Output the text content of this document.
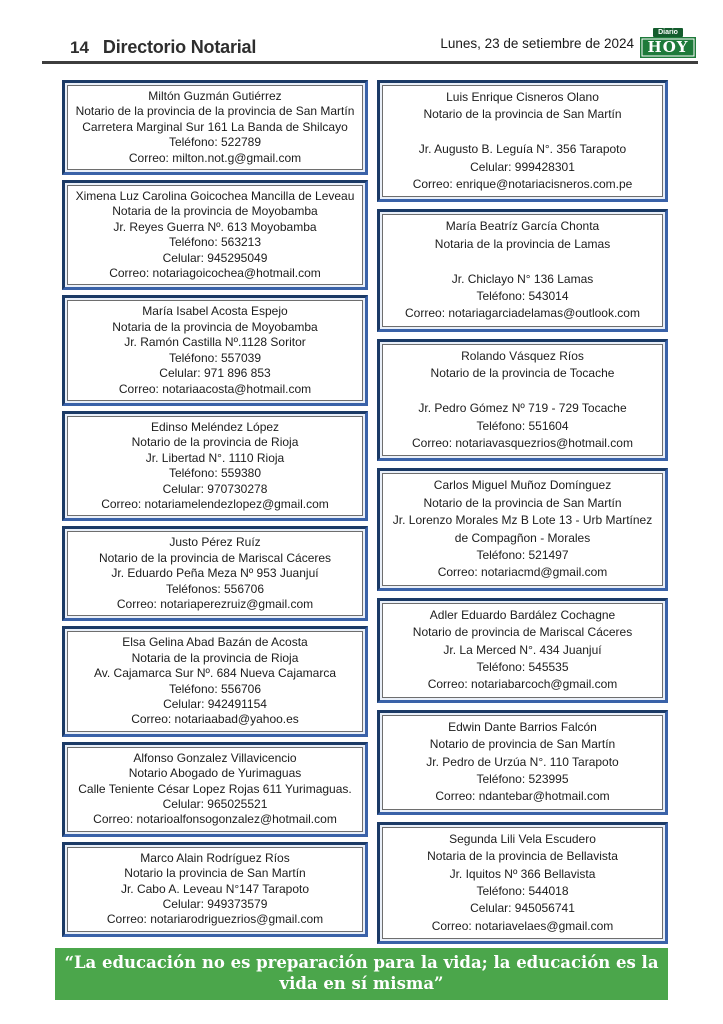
14 Directorio Notarial	Lunes, 23 de setiembre de 2024
Diario
HOY
Miltón Guzmán Gutiérrez
Notario de la provincia de la provincia de San Martín
Carretera Marginal Sur 161 La Banda de Shilcayo
Teléfono: 522789
Correo: milton.not.g@gmail.com
Ximena Luz Carolina Goicochea Mancilla de Leveau
Notaria de la provincia de Moyobamba
Jr. Reyes Guerra Nº. 613 Moyobamba
Teléfono: 563213
Celular: 945295049
Correo: notariagoicochea@hotmail.com
María Isabel Acosta Espejo
Notaria de la provincia de Moyobamba
Jr. Ramón Castilla Nº.1128 Soritor
Teléfono: 557039
Celular: 971 896 853
Correo: notariaacosta@hotmail.com
Edinso Meléndez López
Notario de la provincia de Rioja
Jr. Libertad N°. 1110 Rioja
Teléfono: 559380
Celular: 970730278
Correo: notariamelendezlopez@gmail.com
Justo Pérez Ruíz
Notario de la provincia de Mariscal Cáceres
Jr. Eduardo Peña Meza Nº 953 Juanjuí
Teléfonos: 556706
Correo: notariaperezruiz@gmail.com
Elsa Gelina Abad Bazán de Acosta
Notaria de la provincia de Rioja
Av. Cajamarca Sur Nº. 684 Nueva Cajamarca
Teléfono: 556706
Celular: 942491154
Correo: notariaabad@yahoo.es
Alfonso Gonzalez Villavicencio
Notario Abogado de Yurimaguas
Calle Teniente César Lopez Rojas 611 Yurimaguas.
Celular: 965025521
Correo: notarioalfonsogonzalez@hotmail.com
Marco Alain Rodríguez Ríos
Notario la provincia de San Martín
Jr. Cabo A. Leveau N°147 Tarapoto
Celular: 949373579
Correo: notariarodriguezrios@gmail.com
Luis Enrique Cisneros Olano
Notario de la provincia de San Martín
Jr. Augusto B. Leguía N°. 356 Tarapoto
Celular: 999428301
Correo: enrique@notariacisneros.com.pe
María Beatríz García Chonta
Notaria de la provincia de Lamas
Jr. Chiclayo N° 136 Lamas
Teléfono: 543014
Correo: notariagarciadelamas@outlook.com
Rolando Vásquez Ríos
Notario de la provincia de Tocache
Jr. Pedro Gómez Nº 719 - 729 Tocache
Teléfono: 551604
Correo: notariavasquezrios@hotmail.com
Carlos Miguel Muñoz Domínguez
Notario de la provincia de San Martín
Jr. Lorenzo Morales Mz B Lote 13 - Urb Martínez
de Compagñon - Morales
Teléfono: 521497
Correo: notariacmd@gmail.com
Adler Eduardo Bardález Cochagne
Notario de provincia de Mariscal Cáceres
Jr. La Merced N°. 434 Juanjuí
Teléfono: 545535
Correo: notariabarcoch@gmail.com
Edwin Dante Barrios Falcón
Notario de provincia de San Martín
Jr. Pedro de Urzúa N°. 110 Tarapoto
Teléfono: 523995
Correo: ndantebar@hotmail.com
Segunda Lili Vela Escudero
Notaria de la provincia de Bellavista
Jr. Iquitos Nº 366 Bellavista
Teléfono: 544018
Celular: 945056741
Correo: notariavelaes@gmail.com
“La educación no es preparación para la vida; la educación es la
vida en sí misma”
